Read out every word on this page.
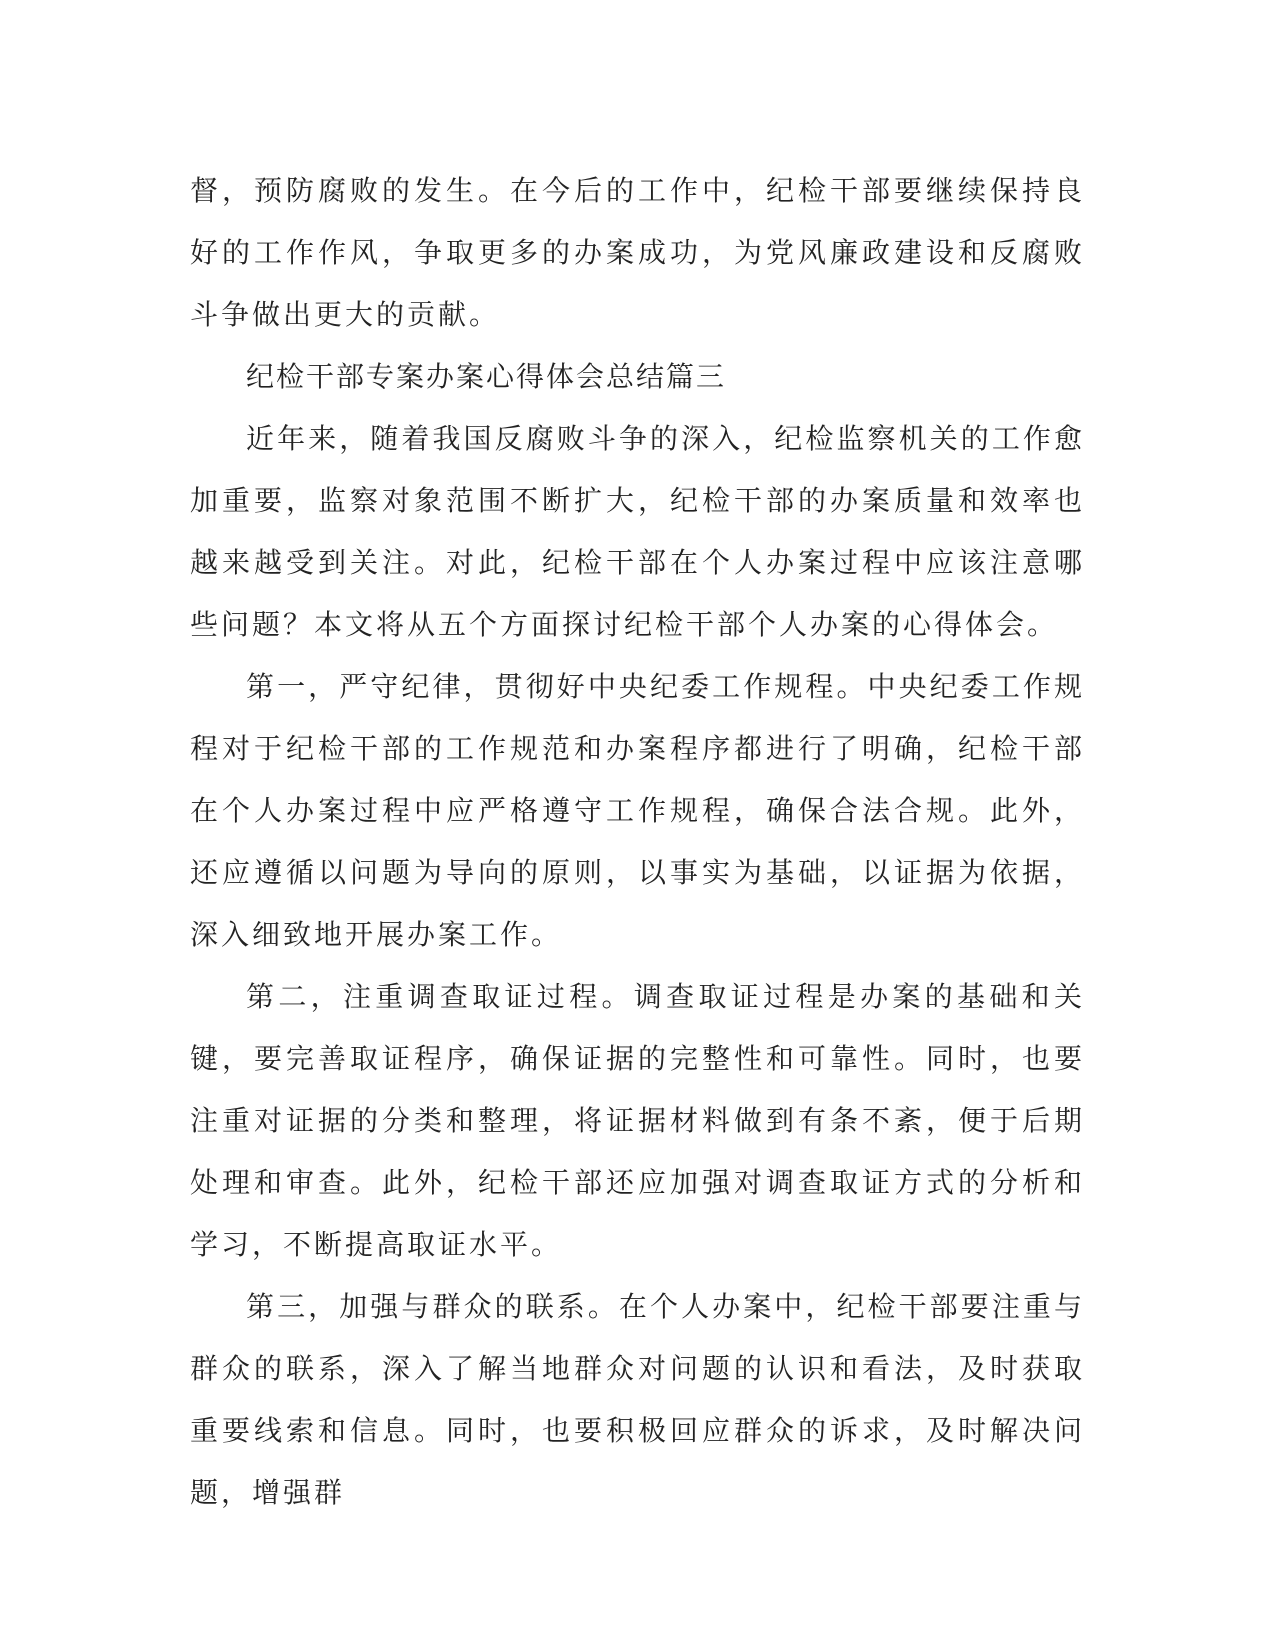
督，预防腐败的发生。在今后的工作中，纪检干部要继续保持良好的工作作风，争取更多的办案成功，为党风廉政建设和反腐败斗争做出更大的贡献。

纪检干部专案办案心得体会总结篇三

近年来，随着我国反腐败斗争的深入，纪检监察机关的工作愈加重要，监察对象范围不断扩大，纪检干部的办案质量和效率也越来越受到关注。对此，纪检干部在个人办案过程中应该注意哪些问题？本文将从五个方面探讨纪检干部个人办案的心得体会。

第一，严守纪律，贯彻好中央纪委工作规程。中央纪委工作规程对于纪检干部的工作规范和办案程序都进行了明确，纪检干部在个人办案过程中应严格遵守工作规程，确保合法合规。此外，还应遵循以问题为导向的原则，以事实为基础，以证据为依据，深入细致地开展办案工作。

第二，注重调查取证过程。调查取证过程是办案的基础和关键，要完善取证程序，确保证据的完整性和可靠性。同时，也要注重对证据的分类和整理，将证据材料做到有条不紊，便于后期处理和审查。此外，纪检干部还应加强对调查取证方式的分析和学习，不断提高取证水平。

第三，加强与群众的联系。在个人办案中，纪检干部要注重与群众的联系，深入了解当地群众对问题的认识和看法，及时获取重要线索和信息。同时，也要积极回应群众的诉求，及时解决问题，增强群
